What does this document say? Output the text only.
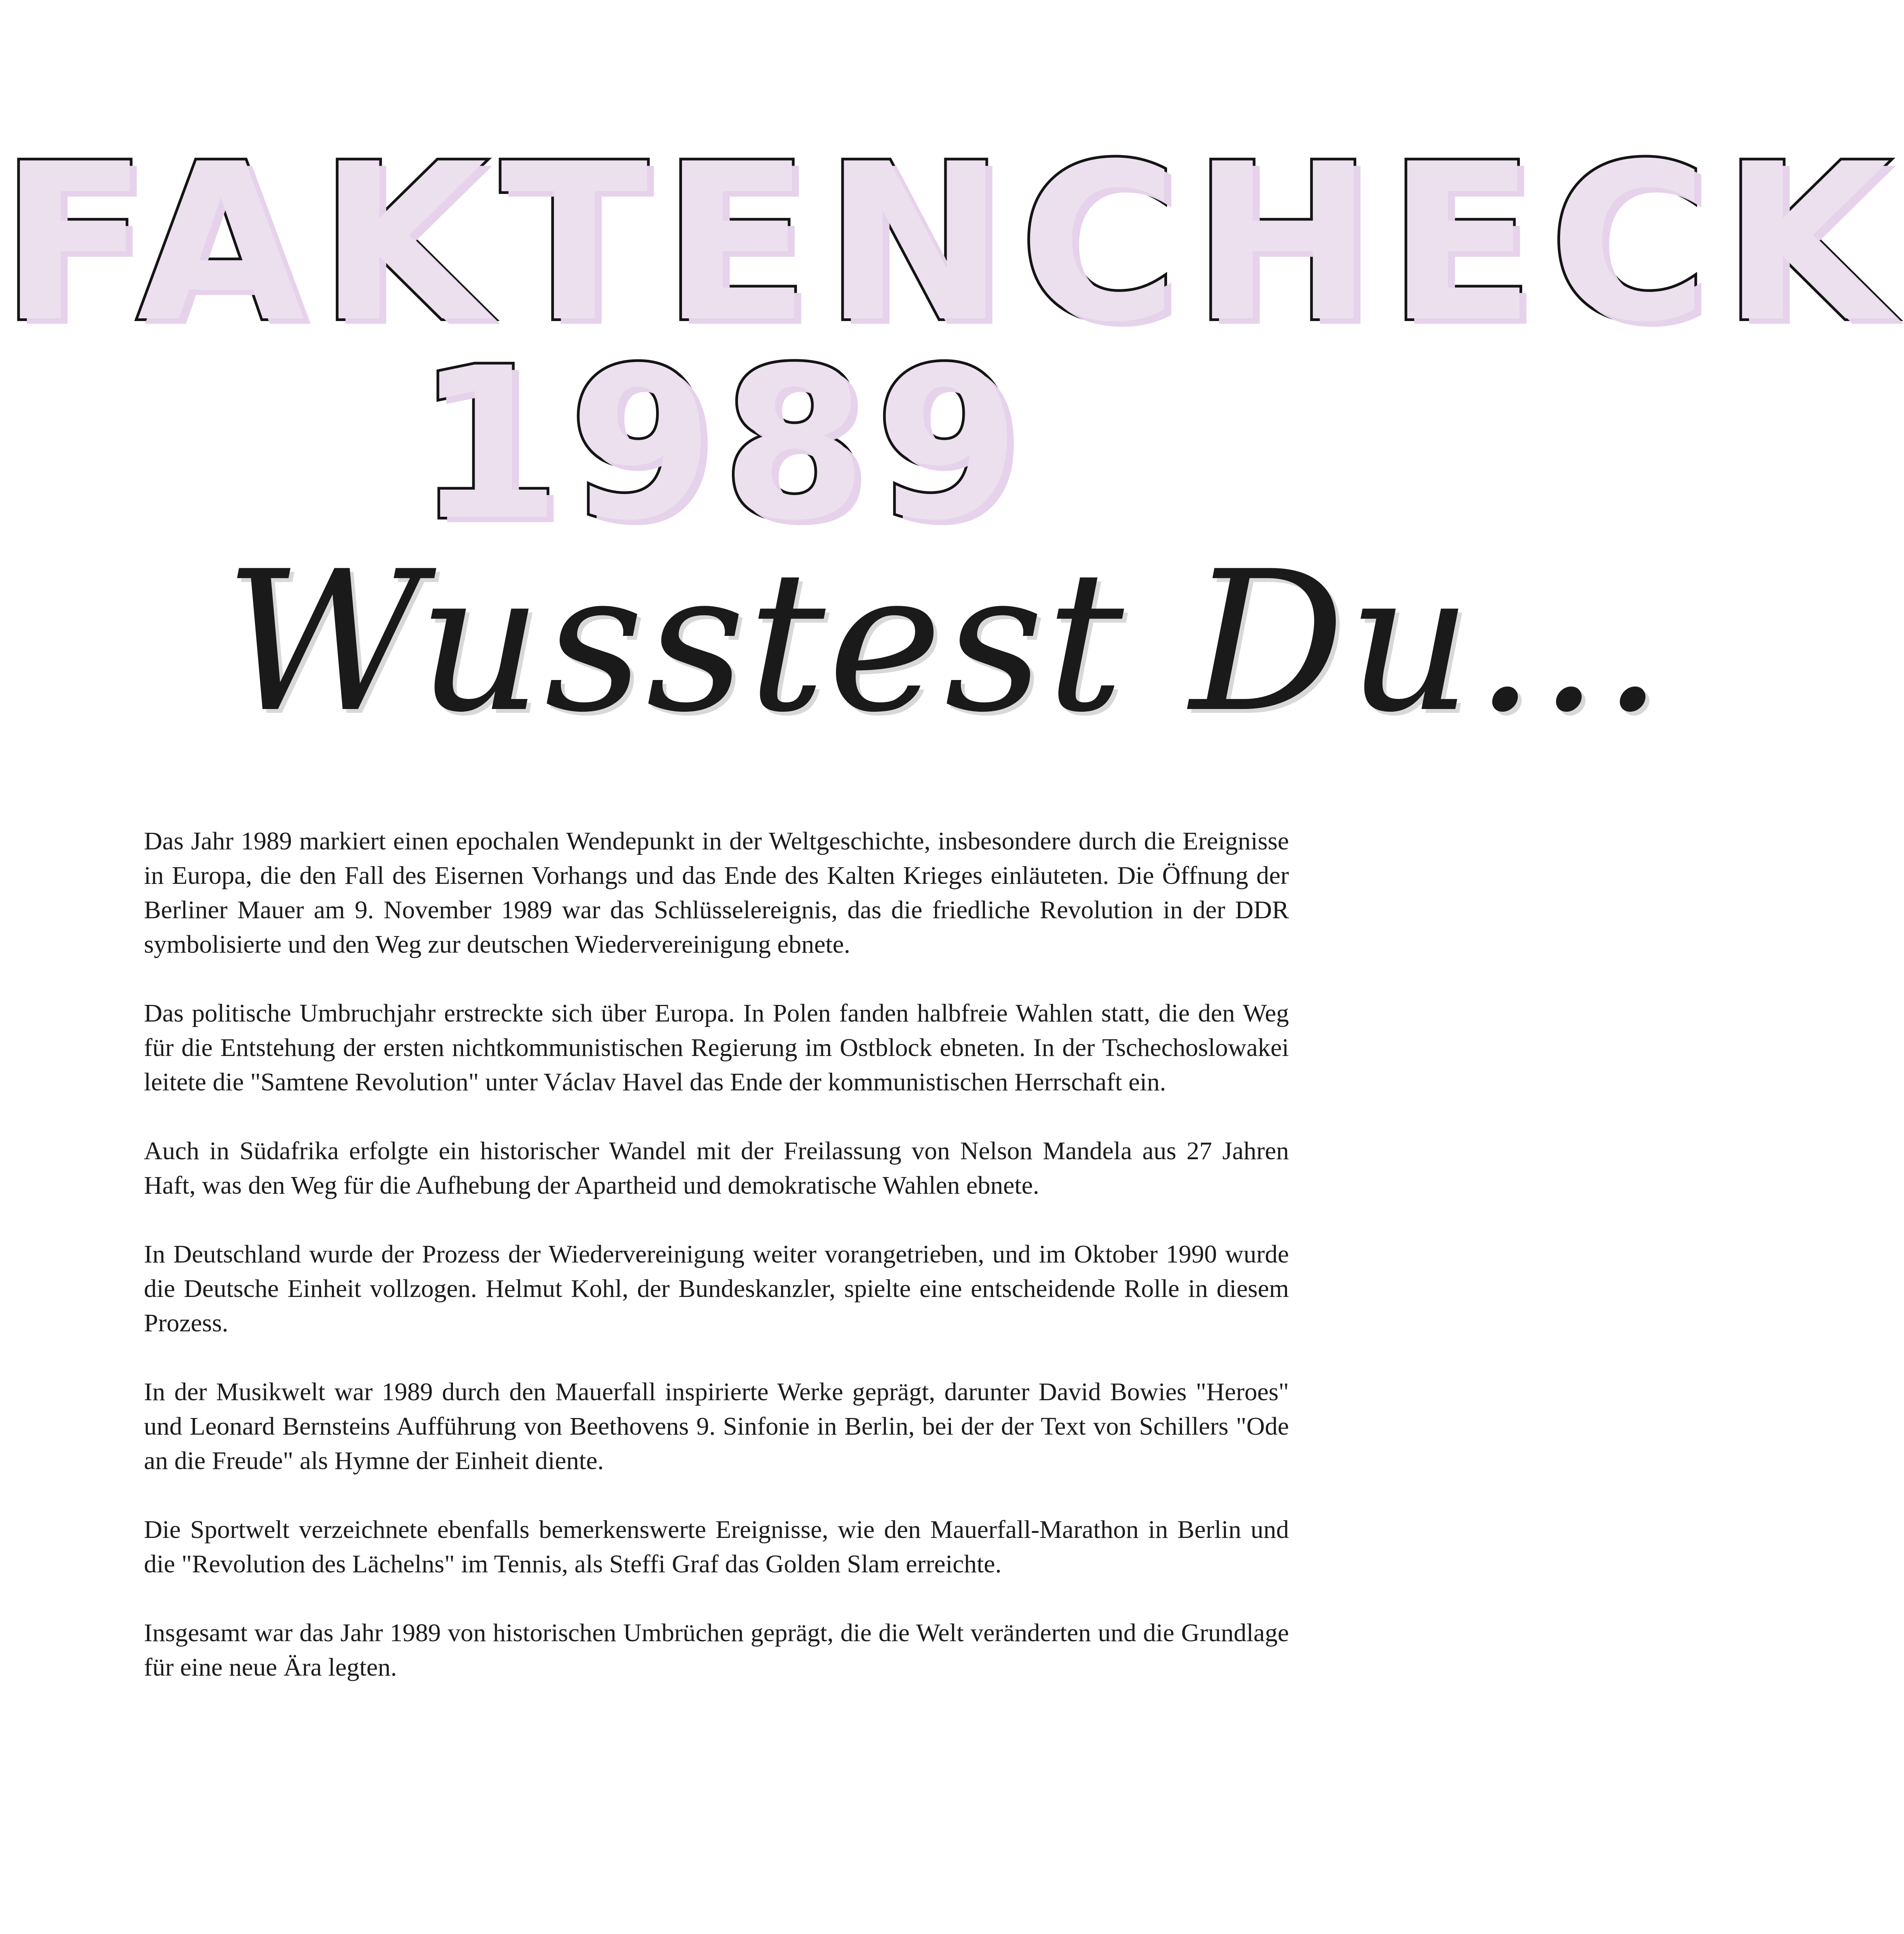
FAKTENCHECK
1989
Wusstest Du...

Das Jahr 1989 markiert einen epochalen Wendepunkt in der Weltgeschichte, insbesondere durch die Ereignisse in Europa, die den Fall des Eisernen Vorhangs und das Ende des Kalten Krieges einläuteten. Die Öffnung der Berliner Mauer am 9. November 1989 war das Schlüsselereignis, das die friedliche Revolution in der DDR symbolisierte und den Weg zur deutschen Wiedervereinigung ebnete.

Das politische Umbruchjahr erstreckte sich über Europa. In Polen fanden halbfreie Wahlen statt, die den Weg für die Entstehung der ersten nichtkommunistischen Regierung im Ostblock ebneten. In der Tschechoslowakei leitete die "Samtene Revolution" unter Václav Havel das Ende der kommunistischen Herrschaft ein.

Auch in Südafrika erfolgte ein historischer Wandel mit der Freilassung von Nelson Mandela aus 27 Jahren Haft, was den Weg für die Aufhebung der Apartheid und demokratische Wahlen ebnete.

In Deutschland wurde der Prozess der Wiedervereinigung weiter vorangetrieben, und im Oktober 1990 wurde die Deutsche Einheit vollzogen. Helmut Kohl, der Bundeskanzler, spielte eine entscheidende Rolle in diesem Prozess.

In der Musikwelt war 1989 durch den Mauerfall inspirierte Werke geprägt, darunter David Bowies "Heroes" und Leonard Bernsteins Aufführung von Beethovens 9. Sinfonie in Berlin, bei der der Text von Schillers "Ode an die Freude" als Hymne der Einheit diente.

Die Sportwelt verzeichnete ebenfalls bemerkenswerte Ereignisse, wie den Mauerfall-Marathon in Berlin und die "Revolution des Lächelns" im Tennis, als Steffi Graf das Golden Slam erreichte.

Insgesamt war das Jahr 1989 von historischen Umbrüchen geprägt, die die Welt veränderten und die Grundlage für eine neue Ära legten.
